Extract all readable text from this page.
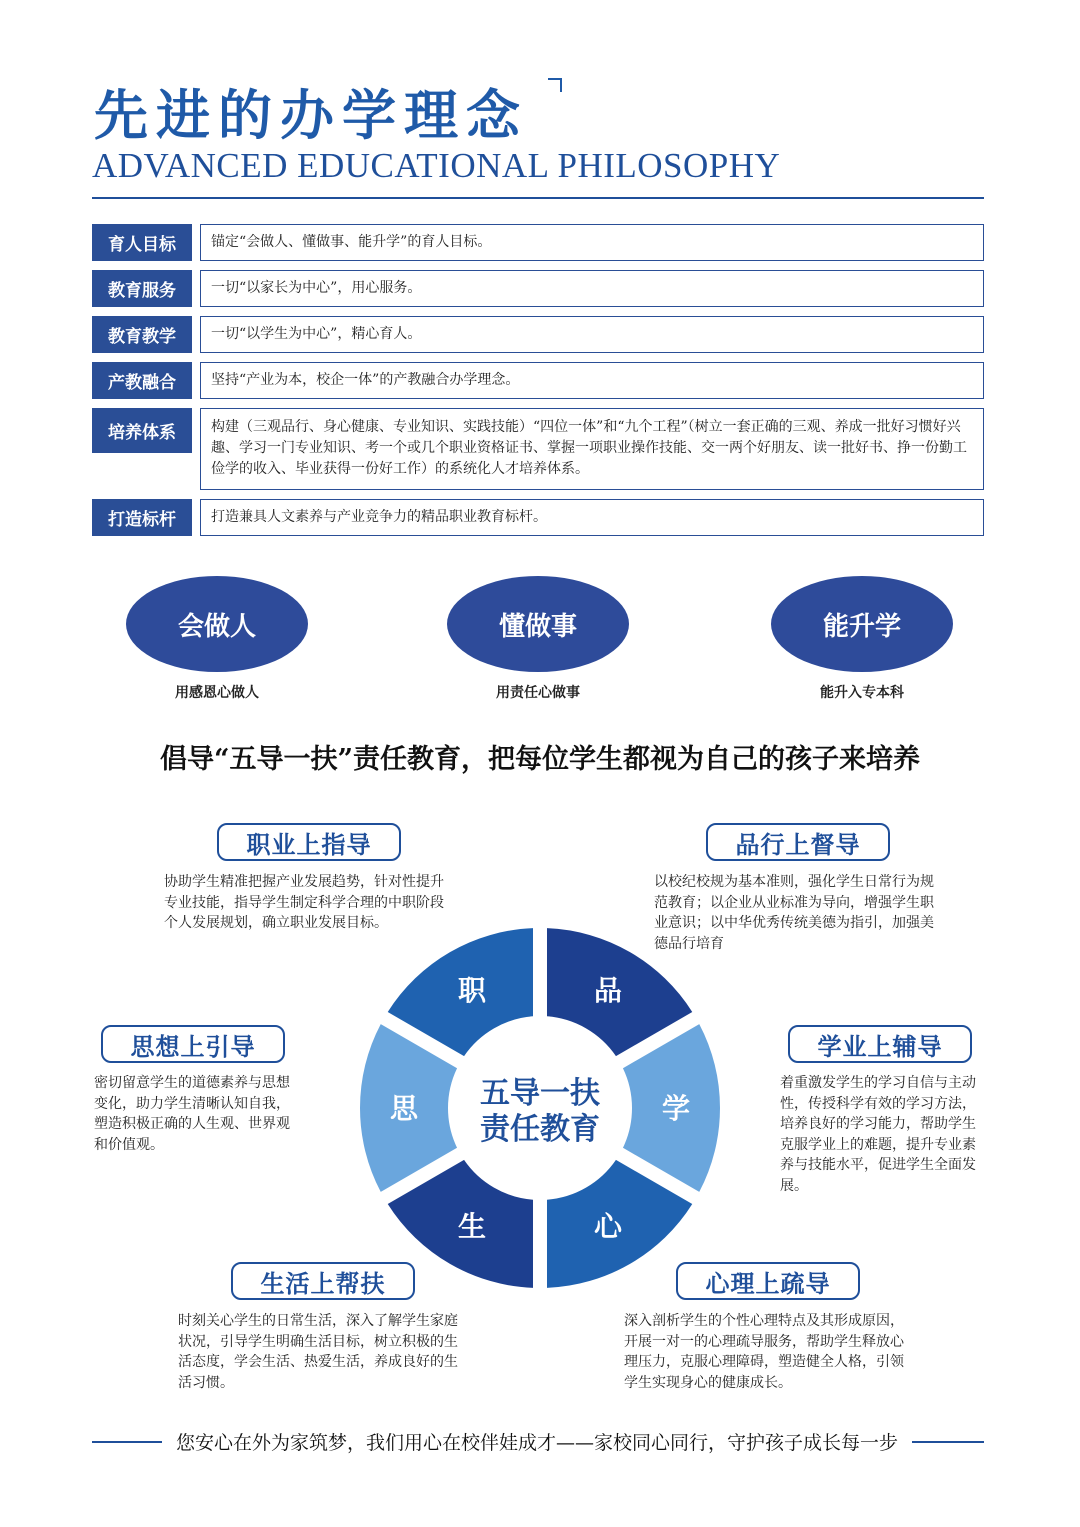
先进的办学理念
ADVANCED EDUCATIONAL PHILOSOPHY
育人目标	锚定“会做人、懂做事、能升学”的育人目标。
教育服务	一切“以家长为中心”，用心服务。
教育教学	一切“以学生为中心”，精心育人。
产教融合	坚持“产业为本，校企一体”的产教融合办学理念。
培养体系	构建（三观品行、身心健康、专业知识、实践技能）“四位一体”和“九个工程”（树立一套正确的三观、养成一批好习惯好兴趣、学习一门专业知识、考一个或几个职业资格证书、掌握一项职业操作技能、交一两个好朋友、读一批好书、挣一份勤工俭学的收入、毕业获得一份好工作）的系统化人才培养体系。
打造标杆	打造兼具人文素养与产业竞争力的精品职业教育标杆。
会做人
用感恩心做人
懂做事
用责任心做事
能升学
能升入专本科
倡导“五导一扶”责任教育，把每位学生都视为自己的孩子来培养
职	品
学
心
生
思 五导一扶
责任教育
职业上指导
协助学生精准把握产业发展趋势，针对性提升专业技能，指导学生制定科学合理的中职阶段个人发展规划，确立职业发展目标。
品行上督导
以校纪校规为基本准则，强化学生日常行为规范教育；以企业从业标准为导向，增强学生职业意识；以中华优秀传统美德为指引，加强美德品行培育
思想上引导
密切留意学生的道德素养与思想变化，助力学生清晰认知自我，塑造积极正确的人生观、世界观和价值观。
学业上辅导
着重激发学生的学习自信与主动性，传授科学有效的学习方法，培养良好的学习能力，帮助学生克服学业上的难题，提升专业素养与技能水平，促进学生全面发展。
生活上帮扶
时刻关心学生的日常生活，深入了解学生家庭状况，引导学生明确生活目标，树立积极的生活态度，学会生活、热爱生活，养成良好的生活习惯。
心理上疏导
深入剖析学生的个性心理特点及其形成原因，开展一对一的心理疏导服务，帮助学生释放心理压力，克服心理障碍，塑造健全人格，引领学生实现身心的健康成长。
您安心在外为家筑梦，我们用心在校伴娃成才——家校同心同行，守护孩子成长每一步
